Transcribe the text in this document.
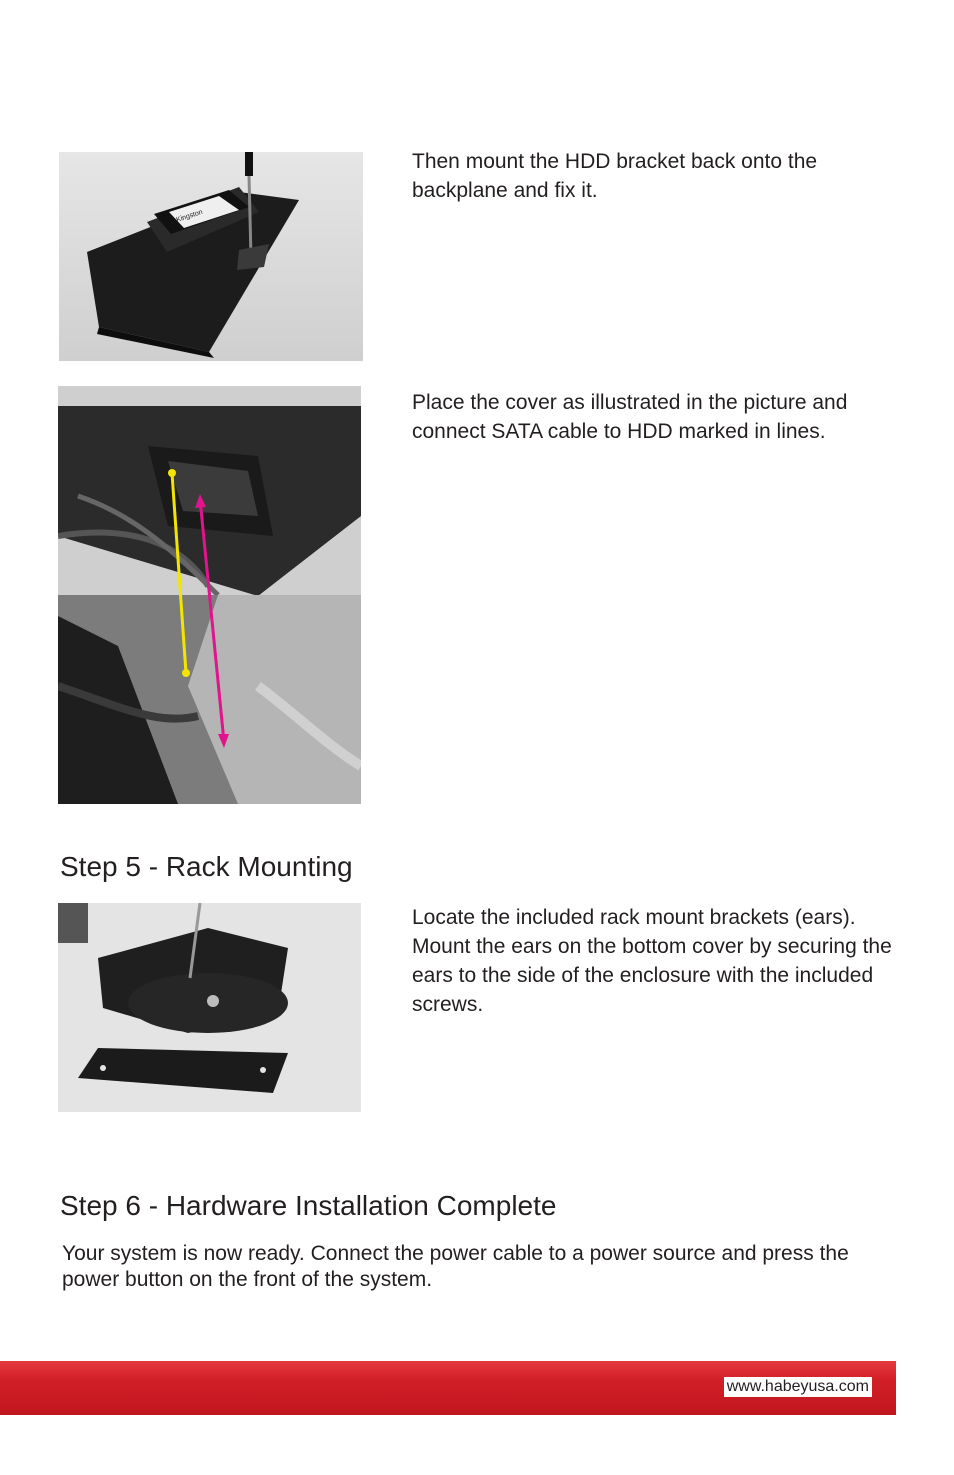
Kingston
8GB

Then mount the HDD bracket back onto the backplane and fix it.

Place the cover as illustrated in the picture and connect SATA cable to HDD marked in lines.

Step 5 - Rack Mounting

Locate the included rack mount brackets (ears). Mount the ears on the bottom cover by securing the ears to the side of the enclosure with the included screws.

Step 6 - Hardware Installation Complete

Your system is now ready. Connect the power cable to a power source and press the power button on the front of the system.

www.habeyusa.com
